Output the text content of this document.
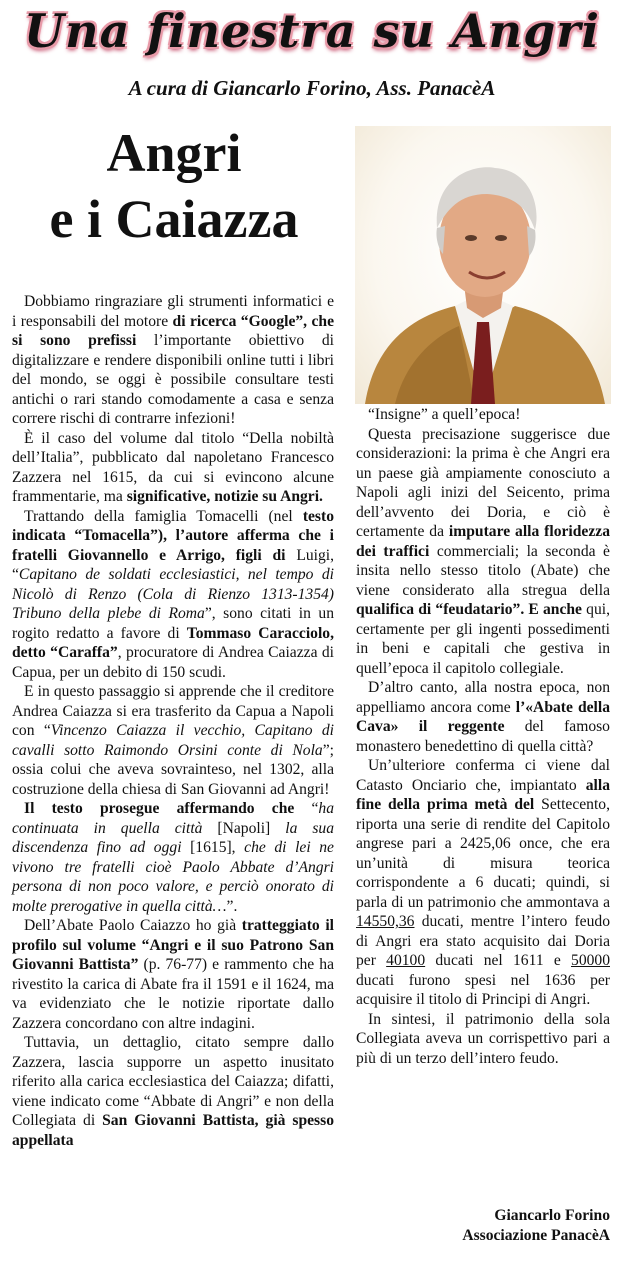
Una finestra su Angri
A cura di Giancarlo Forino, Ass. PanacèA
Angri
e i Caiazza

Dobbiamo ringraziare gli strumenti informatici e i responsabili del motore di ricerca “Google”, che si sono prefissi l’importante obiettivo di digitalizzare e rendere disponibili online tutti i libri del mondo, se oggi è possibile consultare testi antichi o rari stando comodamente a casa e senza correre rischi di contrarre infezioni!

È il caso del volume dal titolo “Della nobiltà dell’Italia”, pubblicato dal napoletano Francesco Zazzera nel 1615, da cui si evincono alcune frammentarie, ma significative, notizie su Angri.

Trattando della famiglia Tomacelli (nel testo indicata “Tomacella”), l’autore afferma che i fratelli Giovannello e Arrigo, figli di Luigi, “Capitano de soldati ecclesiastici, nel tempo di Nicolò di Renzo (Cola di Rienzo 1313-1354) Tribuno della plebe di Roma”, sono citati in un rogito redatto a favore di Tommaso Caracciolo, detto “Caraffa”, procuratore di Andrea Caiazza di Capua, per un debito di 150 scudi.

E in questo passaggio si apprende che il creditore Andrea Caiazza si era trasferito da Capua a Napoli con “Vincenzo Caiazza il vecchio, Capitano di cavalli sotto Raimondo Orsini conte di Nola”; ossia colui che aveva sovrainteso, nel 1302, alla costruzione della chiesa di San Giovanni ad Angri!

Il testo prosegue affermando che “ha continuata in quella città [Napoli] la sua discendenza fino ad oggi [1615], che di lei ne vivono tre fratelli cioè Paolo Abbate d’Angri persona di non poco valore, e perciò onorato di molte prerogative in quella città…”.

Dell’Abate Paolo Caiazzo ho già tratteggiato il profilo sul volume “Angri e il suo Patrono San Giovanni Battista” (p. 76-77) e rammento che ha rivestito la carica di Abate fra il 1591 e il 1624, ma va evidenziato che le notizie riportate dallo Zazzera concordano con altre indagini.

Tuttavia, un dettaglio, citato sempre dallo Zazzera, lascia supporre un aspetto inusitato riferito alla carica ecclesiastica del Caiazza; difatti, viene indicato come “Abbate di Angri” e non della Collegiata di San Giovanni Battista, già spesso appellata

“Insigne” a quell’epoca!

Questa precisazione suggerisce due considerazioni: la prima è che Angri era un paese già ampiamente conosciuto a Napoli agli inizi del Seicento, prima dell’avvento dei Doria, e ciò è certamente da imputare alla floridezza dei traffici commerciali; la seconda è insita nello stesso titolo (Abate) che viene considerato alla stregua della qualifica di “feudatario”. E anche qui, certamente per gli ingenti possedimenti in beni e capitali che gestiva in quell’epoca il capitolo collegiale.

D’altro canto, alla nostra epoca, non appelliamo ancora come l’«Abate della Cava» il reggente del famoso monastero benedettino di quella città?

Un’ulteriore conferma ci viene dal Catasto Onciario che, impiantato alla fine della prima metà del Settecento, riporta una serie di rendite del Capitolo angrese pari a 2425,06 once, che era un’unità di misura teorica corrispondente a 6 ducati; quindi, si parla di un patrimonio che ammontava a 14550,36 ducati, mentre l’intero feudo di Angri era stato acquisito dai Doria per 40100 ducati nel 1611 e 50000 ducati furono spesi nel 1636 per acquisire il titolo di Principi di Angri.

In sintesi, il patrimonio della sola Collegiata aveva un corrispettivo pari a più di un terzo dell’intero feudo.

Giancarlo Forino
Associazione PanacèA
